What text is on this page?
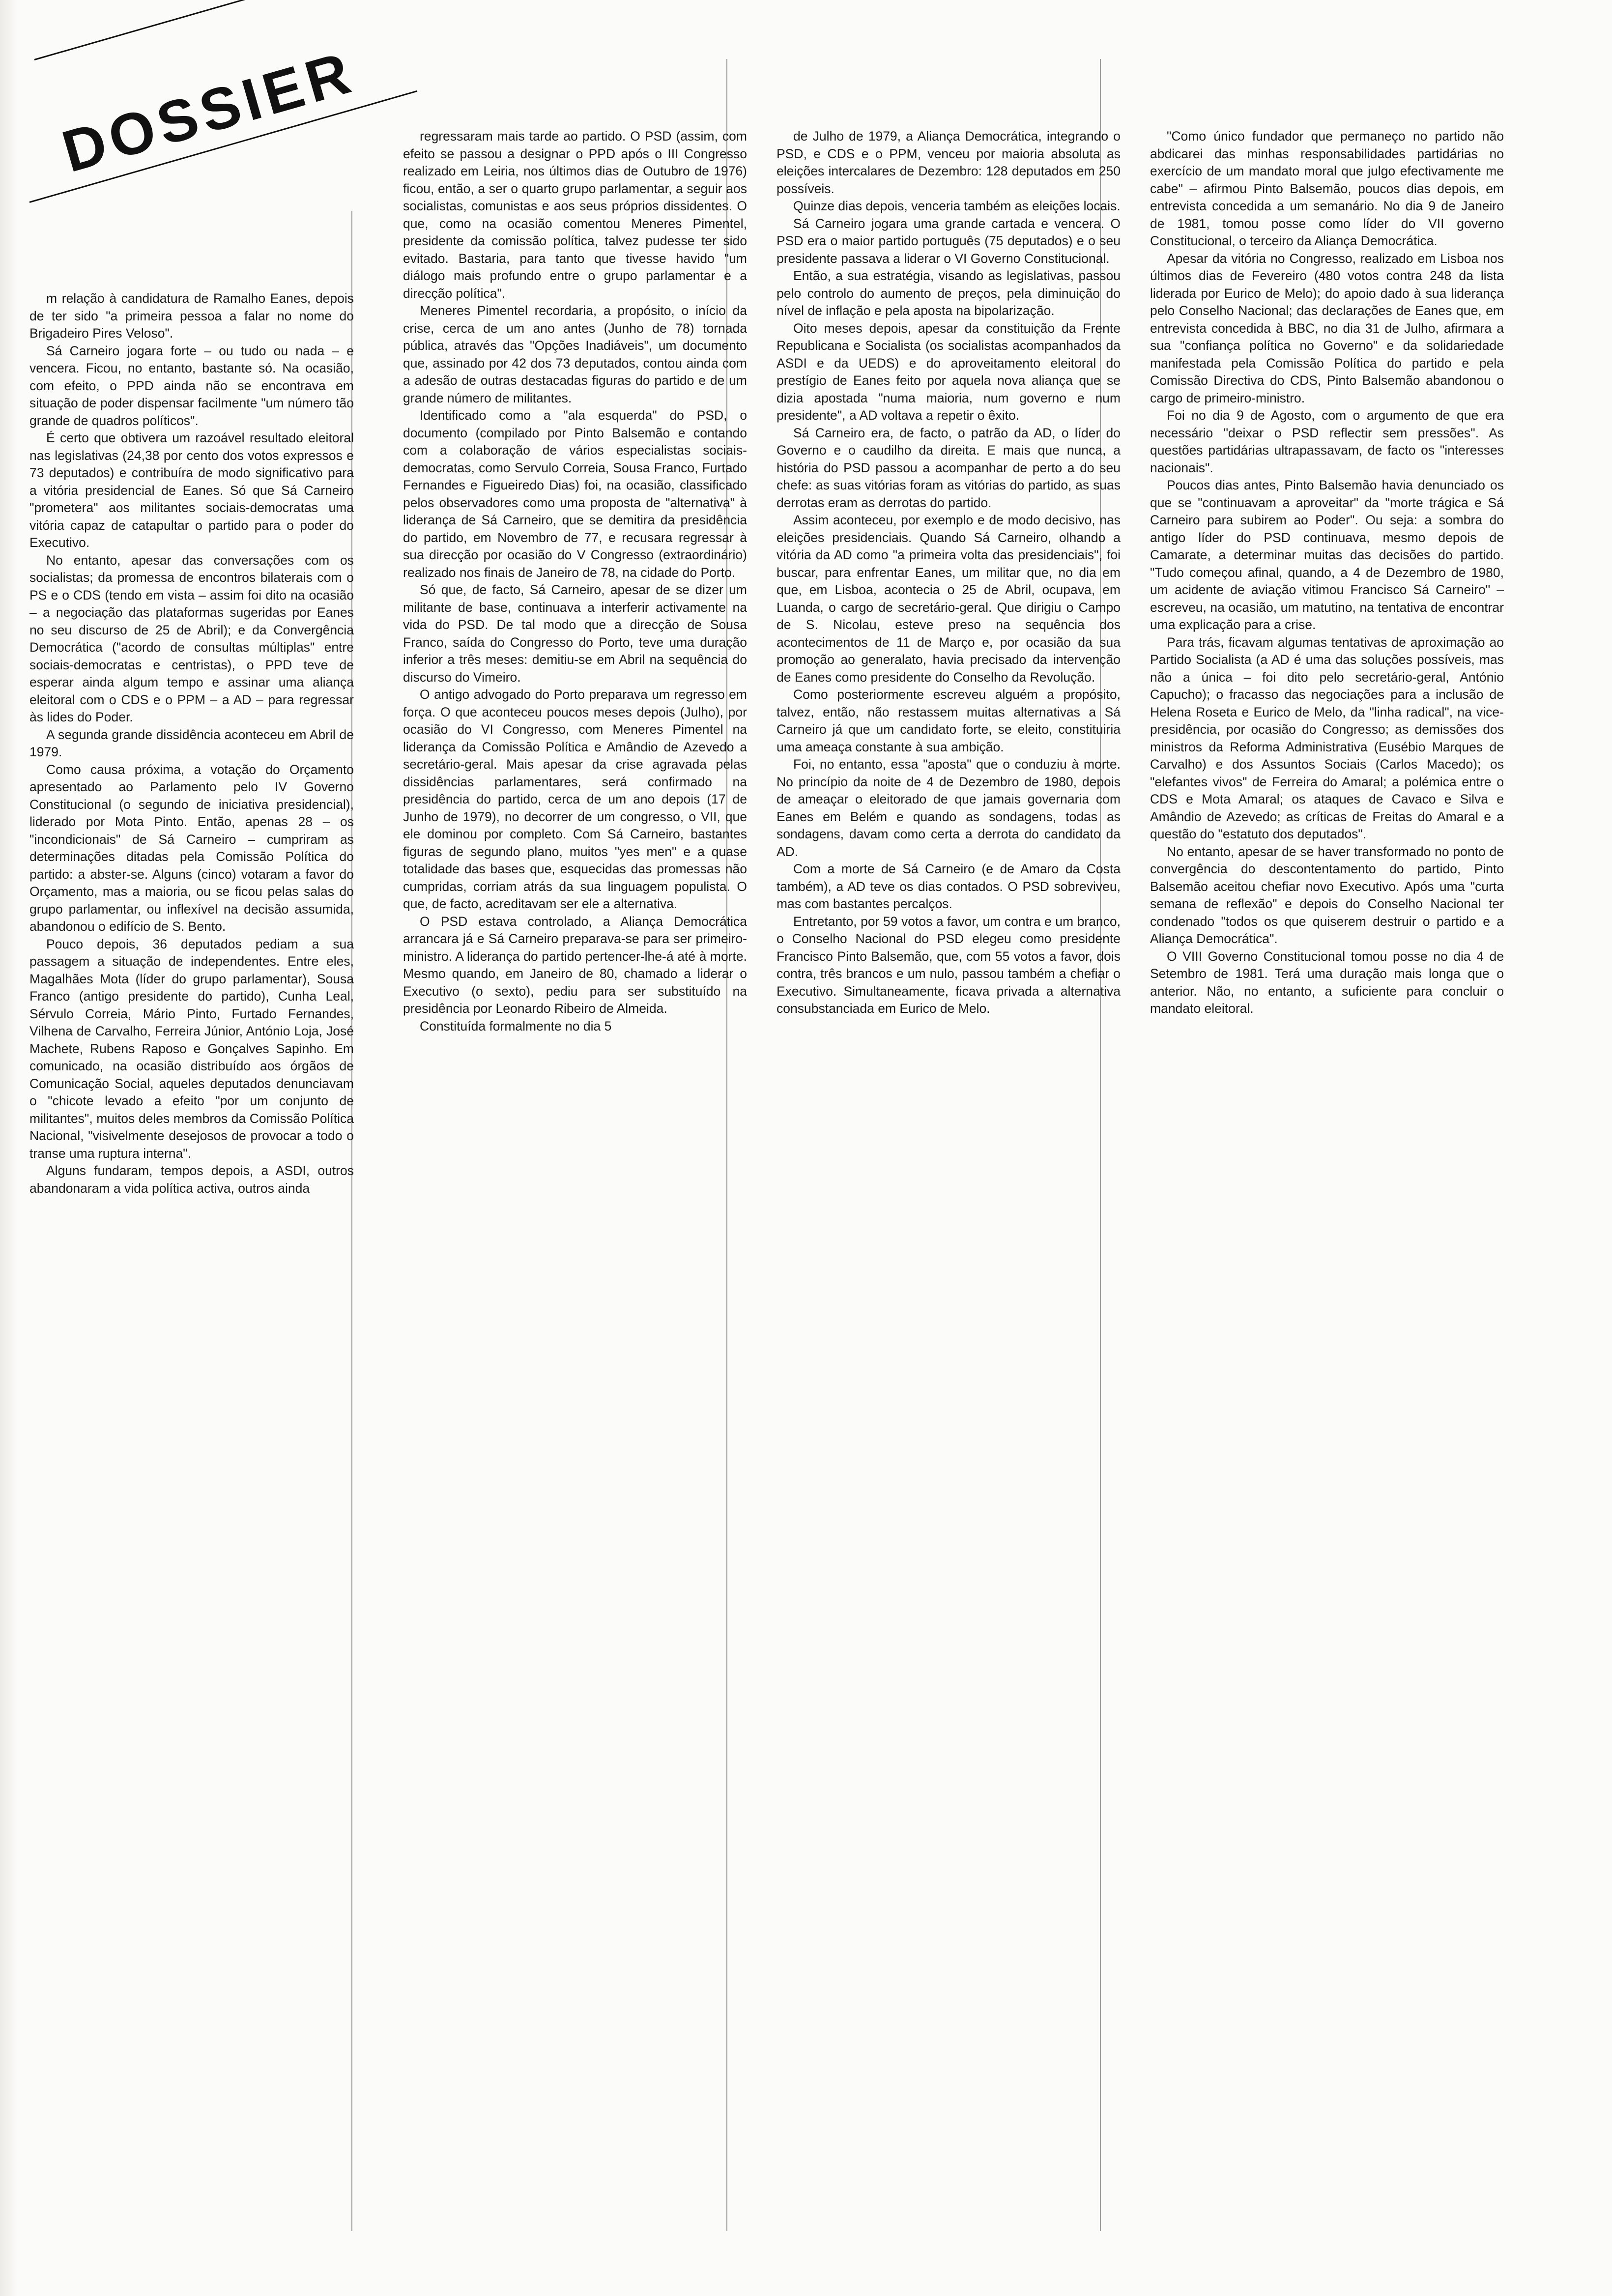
DOSSIER

m relação à candidatura de Ramalho Eanes, depois de ter sido "a primeira pessoa a falar no nome do Brigadeiro Pires Veloso".

Sá Carneiro jogara forte – ou tudo ou nada – e vencera. Ficou, no entanto, bastante só. Na ocasião, com efeito, o PPD ainda não se encontrava em situação de poder dispensar facilmente "um número tão grande de quadros políticos".

É certo que obtivera um razoável resultado eleitoral nas legislativas (24,38 por cento dos votos expressos e 73 deputados) e contribuíra de modo significativo para a vitória presidencial de Eanes. Só que Sá Carneiro "prometera" aos militantes sociais-democratas uma vitória capaz de catapultar o partido para o poder do Executivo.

No entanto, apesar das conversações com os socialistas; da promessa de encontros bilaterais com o PS e o CDS (tendo em vista – assim foi dito na ocasião – a negociação das plataformas sugeridas por Eanes no seu discurso de 25 de Abril); e da Convergência Democrática ("acordo de consultas múltiplas" entre sociais-democratas e centristas), o PPD teve de esperar ainda algum tempo e assinar uma aliança eleitoral com o CDS e o PPM – a AD – para regressar às lides do Poder.

A segunda grande dissidência aconteceu em Abril de 1979.

Como causa próxima, a votação do Orçamento apresentado ao Parlamento pelo IV Governo Constitucional (o segundo de iniciativa presidencial), liderado por Mota Pinto. Então, apenas 28 – os "incondicionais" de Sá Carneiro – cumpriram as determinações ditadas pela Comissão Política do partido: a abster-se. Alguns (cinco) votaram a favor do Orçamento, mas a maioria, ou se ficou pelas salas do grupo parlamentar, ou inflexível na decisão assumida, abandonou o edifício de S. Bento.

Pouco depois, 36 deputados pediam a sua passagem a situação de independentes. Entre eles, Magalhães Mota (líder do grupo parlamentar), Sousa Franco (antigo presidente do partido), Cunha Leal, Sérvulo Correia, Mário Pinto, Furtado Fernandes, Vilhena de Carvalho, Ferreira Júnior, António Loja, José Machete, Rubens Raposo e Gonçalves Sapinho. Em comunicado, na ocasião distribuído aos órgãos de Comunicação Social, aqueles deputados denunciavam o "chicote levado a efeito "por um conjunto de militantes", muitos deles membros da Comissão Política Nacional, "visivelmente desejosos de provocar a todo o transe uma ruptura interna".

Alguns fundaram, tempos depois, a ASDI, outros abandonaram a vida política activa, outros ainda

regressaram mais tarde ao partido. O PSD (assim, com efeito se passou a designar o PPD após o III Congresso realizado em Leiria, nos últimos dias de Outubro de 1976) ficou, então, a ser o quarto grupo parlamentar, a seguir aos socialistas, comunistas e aos seus próprios dissidentes. O que, como na ocasião comentou Meneres Pimentel, presidente da comissão política, talvez pudesse ter sido evitado. Bastaria, para tanto que tivesse havido "um diálogo mais profundo entre o grupo parlamentar e a direcção política".

Meneres Pimentel recordaria, a propósito, o início da crise, cerca de um ano antes (Junho de 78) tornada pública, através das "Opções Inadiáveis", um documento que, assinado por 42 dos 73 deputados, contou ainda com a adesão de outras destacadas figuras do partido e de um grande número de militantes.

Identificado como a "ala esquerda" do PSD, o documento (compilado por Pinto Balsemão e contando com a colaboração de vários especialistas sociais-democratas, como Servulo Correia, Sousa Franco, Furtado Fernandes e Figueiredo Dias) foi, na ocasião, classificado pelos observadores como uma proposta de "alternativa" à liderança de Sá Carneiro, que se demitira da presidência do partido, em Novembro de 77, e recusara regressar à sua direcção por ocasião do V Congresso (extraordinário) realizado nos finais de Janeiro de 78, na cidade do Porto.

Só que, de facto, Sá Carneiro, apesar de se dizer um militante de base, continuava a interferir activamente na vida do PSD. De tal modo que a direcção de Sousa Franco, saída do Congresso do Porto, teve uma duração inferior a três meses: demitiu-se em Abril na sequência do discurso do Vimeiro.

O antigo advogado do Porto preparava um regresso em força. O que aconteceu poucos meses depois (Julho), por ocasião do VI Congresso, com Meneres Pimentel na liderança da Comissão Política e Amândio de Azevedo a secretário-geral. Mais apesar da crise agravada pelas dissidências parlamentares, será confirmado na presidência do partido, cerca de um ano depois (17 de Junho de 1979), no decorrer de um congresso, o VII, que ele dominou por completo. Com Sá Carneiro, bastantes figuras de segundo plano, muitos "yes men" e a quase totalidade das bases que, esquecidas das promessas não cumpridas, corriam atrás da sua linguagem populista. O que, de facto, acreditavam ser ele a alternativa.

O PSD estava controlado, a Aliança Democrática arrancara já e Sá Carneiro preparava-se para ser primeiro-ministro. A liderança do partido pertencer-lhe-á até à morte. Mesmo quando, em Janeiro de 80, chamado a liderar o Executivo (o sexto), pediu para ser substituído na presidência por Leonardo Ribeiro de Almeida.

Constituída formalmente no dia 5

de Julho de 1979, a Aliança Democrática, integrando o PSD, e CDS e o PPM, venceu por maioria absoluta as eleições intercalares de Dezembro: 128 deputados em 250 possíveis.

Quinze dias depois, venceria também as eleições locais.

Sá Carneiro jogara uma grande cartada e vencera. O PSD era o maior partido português (75 deputados) e o seu presidente passava a liderar o VI Governo Constitucional.

Então, a sua estratégia, visando as legislativas, passou pelo controlo do aumento de preços, pela diminuição do nível de inflação e pela aposta na bipolarização.

Oito meses depois, apesar da constituição da Frente Republicana e Socialista (os socialistas acompanhados da ASDI e da UEDS) e do aproveitamento eleitoral do prestígio de Eanes feito por aquela nova aliança que se dizia apostada "numa maioria, num governo e num presidente", a AD voltava a repetir o êxito.

Sá Carneiro era, de facto, o patrão da AD, o líder do Governo e o caudilho da direita. E mais que nunca, a história do PSD passou a acompanhar de perto a do seu chefe: as suas vitórias foram as vitórias do partido, as suas derrotas eram as derrotas do partido.

Assim aconteceu, por exemplo e de modo decisivo, nas eleições presidenciais. Quando Sá Carneiro, olhando a vitória da AD como "a primeira volta das presidenciais", foi buscar, para enfrentar Eanes, um militar que, no dia em que, em Lisboa, acontecia o 25 de Abril, ocupava, em Luanda, o cargo de secretário-geral. Que dirigiu o Campo de S. Nicolau, esteve preso na sequência dos acontecimentos de 11 de Março e, por ocasião da sua promoção ao generalato, havia precisado da intervenção de Eanes como presidente do Conselho da Revolução.

Como posteriormente escreveu alguém a propósito, talvez, então, não restassem muitas alternativas a Sá Carneiro já que um candidato forte, se eleito, constituiria uma ameaça constante à sua ambição.

Foi, no entanto, essa "aposta" que o conduziu à morte. No princípio da noite de 4 de Dezembro de 1980, depois de ameaçar o eleitorado de que jamais governaria com Eanes em Belém e quando as sondagens, todas as sondagens, davam como certa a derrota do candidato da AD.

Com a morte de Sá Carneiro (e de Amaro da Costa também), a AD teve os dias contados. O PSD sobreviveu, mas com bastantes percalços.

Entretanto, por 59 votos a favor, um contra e um branco, o Conselho Nacional do PSD elegeu como presidente Francisco Pinto Balsemão, que, com 55 votos a favor, dois contra, três brancos e um nulo, passou também a chefiar o Executivo. Simultaneamente, ficava privada a alternativa consubstanciada em Eurico de Melo.

"Como único fundador que permaneço no partido não abdicarei das minhas responsabilidades partidárias no exercício de um mandato moral que julgo efectivamente me cabe" – afirmou Pinto Balsemão, poucos dias depois, em entrevista concedida a um semanário. No dia 9 de Janeiro de 1981, tomou posse como líder do VII governo Constitucional, o terceiro da Aliança Democrática.

Apesar da vitória no Congresso, realizado em Lisboa nos últimos dias de Fevereiro (480 votos contra 248 da lista liderada por Eurico de Melo); do apoio dado à sua liderança pelo Conselho Nacional; das declarações de Eanes que, em entrevista concedida à BBC, no dia 31 de Julho, afirmara a sua "confiança política no Governo" e da solidariedade manifestada pela Comissão Política do partido e pela Comissão Directiva do CDS, Pinto Balsemão abandonou o cargo de primeiro-ministro.

Foi no dia 9 de Agosto, com o argumento de que era necessário "deixar o PSD reflectir sem pressões". As questões partidárias ultrapassavam, de facto os "interesses nacionais".

Poucos dias antes, Pinto Balsemão havia denunciado os que se "continuavam a aproveitar" da "morte trágica e Sá Carneiro para subirem ao Poder". Ou seja: a sombra do antigo líder do PSD continuava, mesmo depois de Camarate, a determinar muitas das decisões do partido. "Tudo começou afinal, quando, a 4 de Dezembro de 1980, um acidente de aviação vitimou Francisco Sá Carneiro" – escreveu, na ocasião, um matutino, na tentativa de encontrar uma explicação para a crise.

Para trás, ficavam algumas tentativas de aproximação ao Partido Socialista (a AD é uma das soluções possíveis, mas não a única – foi dito pelo secretário-geral, António Capucho); o fracasso das negociações para a inclusão de Helena Roseta e Eurico de Melo, da "linha radical", na vice-presidência, por ocasião do Congresso; as demissões dos ministros da Reforma Administrativa (Eusébio Marques de Carvalho) e dos Assuntos Sociais (Carlos Macedo); os "elefantes vivos" de Ferreira do Amaral; a polémica entre o CDS e Mota Amaral; os ataques de Cavaco e Silva e Amândio de Azevedo; as críticas de Freitas do Amaral e a questão do "estatuto dos deputados".

No entanto, apesar de se haver transformado no ponto de convergência do descontentamento do partido, Pinto Balsemão aceitou chefiar novo Executivo. Após uma "curta semana de reflexão" e depois do Conselho Nacional ter condenado "todos os que quiserem destruir o partido e a Aliança Democrática".

O VIII Governo Constitucional tomou posse no dia 4 de Setembro de 1981. Terá uma duração mais longa que o anterior. Não, no entanto, a suficiente para concluir o mandato eleitoral.
